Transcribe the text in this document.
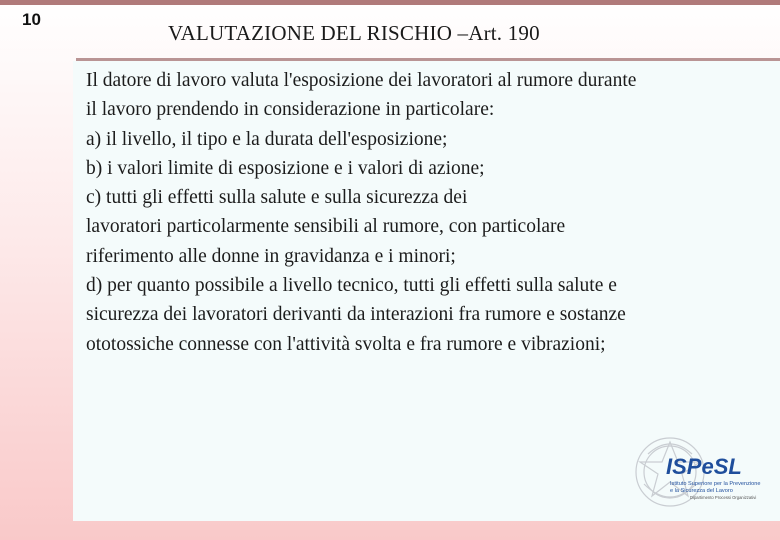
10
VALUTAZIONE DEL RISCHIO –Art. 190
Il datore di lavoro valuta l'esposizione dei lavoratori al rumore durante
il lavoro prendendo in considerazione in particolare:
a) il livello, il tipo e la durata dell'esposizione;
b) i valori limite di esposizione e i valori di azione;
c) tutti gli effetti sulla salute e sulla sicurezza dei
lavoratori particolarmente sensibili al rumore, con particolare
riferimento alle donne in gravidanza e i minori;
d) per quanto possibile a livello tecnico, tutti gli effetti sulla salute e
sicurezza dei lavoratori derivanti da interazioni fra rumore e sostanze
ototossiche connesse con l'attività svolta e fra rumore e vibrazioni;
ISPeSL
Istituto Superiore per la Prevenzione
e la Sicurezza del Lavoro
Dipartimento Processi Organizzativi
